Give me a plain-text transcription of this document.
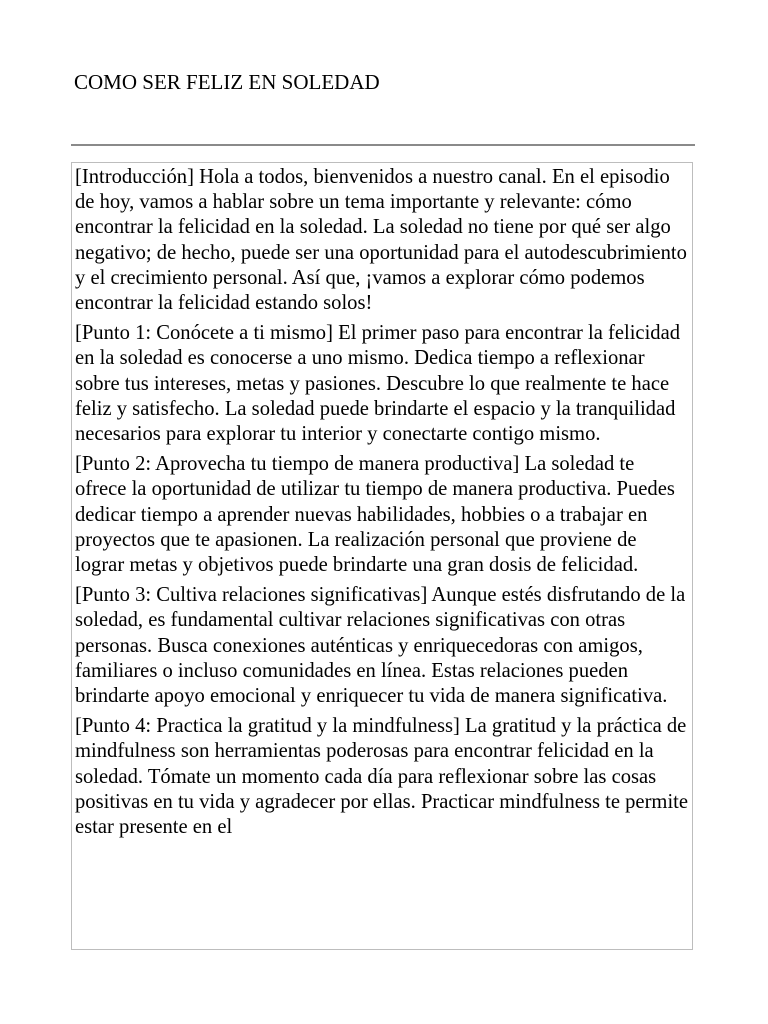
COMO SER FELIZ EN SOLEDAD

[Introducción] Hola a todos, bienvenidos a nuestro canal. En el episodio de hoy, vamos a hablar sobre un tema importante y relevante: cómo encontrar la felicidad en la soledad. La soledad no tiene por qué ser algo negativo; de hecho, puede ser una oportunidad para el autodescubrimiento y el crecimiento personal. Así que, ¡vamos a explorar cómo podemos encontrar la felicidad estando solos!

[Punto 1: Conócete a ti mismo] El primer paso para encontrar la felicidad en la soledad es conocerse a uno mismo. Dedica tiempo a reflexionar sobre tus intereses, metas y pasiones. Descubre lo que realmente te hace feliz y satisfecho. La soledad puede brindarte el espacio y la tranquilidad necesarios para explorar tu interior y conectarte contigo mismo.

[Punto 2: Aprovecha tu tiempo de manera productiva] La soledad te ofrece la oportunidad de utilizar tu tiempo de manera productiva. Puedes dedicar tiempo a aprender nuevas habilidades, hobbies o a trabajar en proyectos que te apasionen. La realización personal que proviene de lograr metas y objetivos puede brindarte una gran dosis de felicidad.

[Punto 3: Cultiva relaciones significativas] Aunque estés disfrutando de la soledad, es fundamental cultivar relaciones significativas con otras personas. Busca conexiones auténticas y enriquecedoras con amigos, familiares o incluso comunidades en línea. Estas relaciones pueden brindarte apoyo emocional y enriquecer tu vida de manera significativa.

[Punto 4: Practica la gratitud y la mindfulness] La gratitud y la práctica de mindfulness son herramientas poderosas para encontrar felicidad en la soledad. Tómate un momento cada día para reflexionar sobre las cosas positivas en tu vida y agradecer por ellas. Practicar mindfulness te permite estar presente en el
